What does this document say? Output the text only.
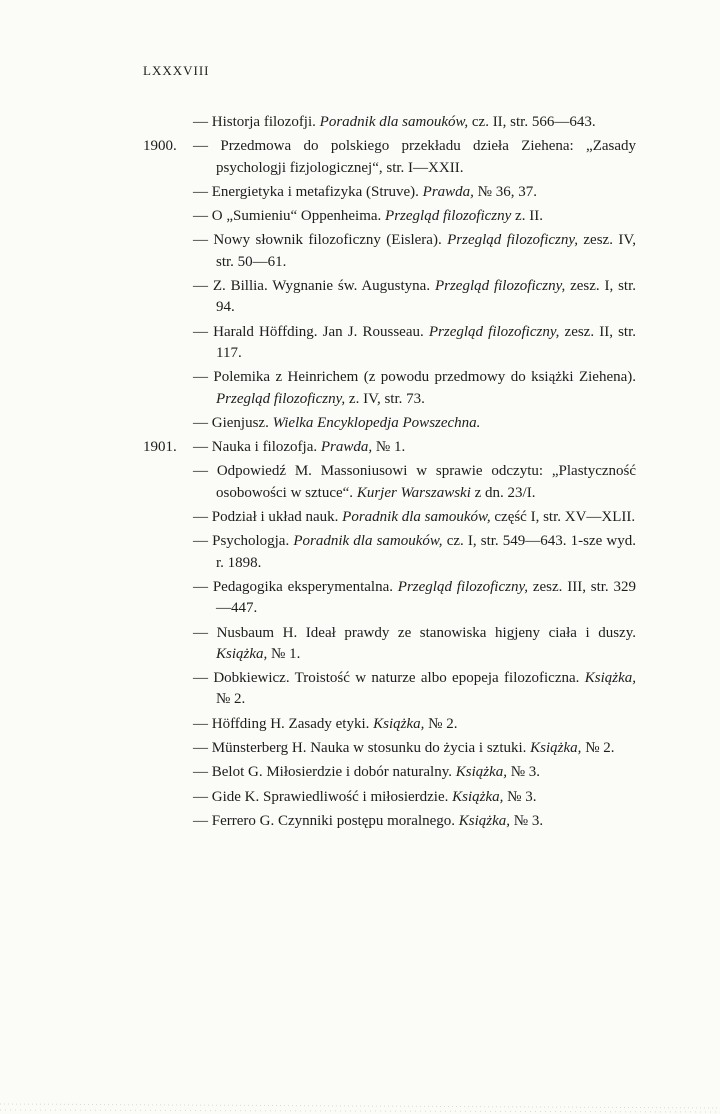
LXXXVIII
— Historja filozofji. Poradnik dla samouków, cz. II, str. 566—643.
1900. — Przedmowa do polskiego przekładu dzieła Ziehena: „Zasady psychologji fizjologicznej“, str. I—XXII.
— Energietyka i metafizyka (Struve). Prawda, № 36, 37.
— O „Sumieniu“ Oppenheima. Przegląd filozoficzny z. II.
— Nowy słownik filozoficzny (Eislera). Przegląd filozoficzny, zesz. IV, str. 50—61.
— Z. Billia. Wygnanie św. Augustyna. Przegląd filozoficzny, zesz. I, str. 94.
— Harald Höffding. Jan J. Rousseau. Przegląd filozoficzny, zesz. II, str. 117.
— Polemika z Heinrichem (z powodu przedmowy do książki Ziehena). Przegląd filozoficzny, z. IV, str. 73.
— Gienjusz. Wielka Encyklopedja Powszechna.
1901. — Nauka i filozofja. Prawda, № 1.
— Odpowiedź M. Massoniusowi w sprawie odczytu: „Plastyczność osobowości w sztuce“. Kurjer Warszawski z dn. 23/I.
— Podział i układ nauk. Poradnik dla samouków, część I, str. XV—XLII.
— Psychologja. Poradnik dla samouków, cz. I, str. 549—643. 1-sze wyd. r. 1898.
— Pedagogika eksperymentalna. Przegląd filozoficzny, zesz. III, str. 329—447.
— Nusbaum H. Ideał prawdy ze stanowiska higjeny ciała i duszy. Książka, № 1.
— Dobkiewicz. Troistość w naturze albo epopeja filozoficzna. Książka, № 2.
— Höffding H. Zasady etyki. Książka, № 2.
— Münsterberg H. Nauka w stosunku do życia i sztuki. Książka, № 2.
— Belot G. Miłosierdzie i dobór naturalny. Książka, № 3.
— Gide K. Sprawiedliwość i miłosierdzie. Książka, № 3.
— Ferrero G. Czynniki postępu moralnego. Książka, № 3.
